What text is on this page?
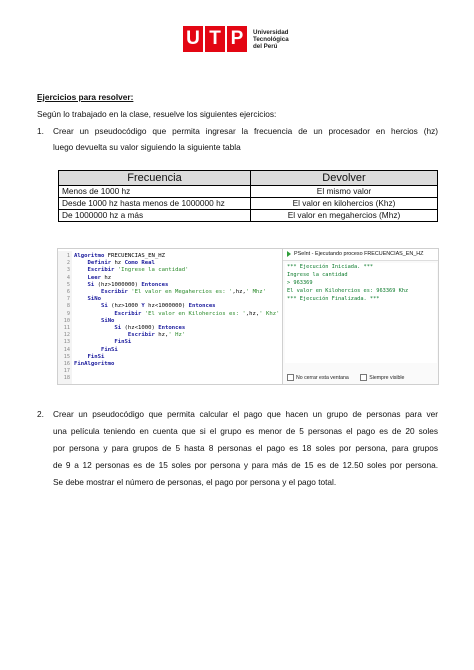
U T P	Universidad
Tecnológica
del Perú
Ejercicios para resolver:
Según lo trabajado en la clase, resuelve los siguientes ejercicios:
1. Crear un pseudocódigo que permita ingresar la frecuencia de un procesador en hercios (hz)
luego devuelta su valor siguiendo la siguiente tabla
Frecuencia	Devolver
Menos de 1000 hz	El mismo valor
Desde 1000 hz hasta menos de 1000000 hz	El valor en kilohercios (Khz)
De 1000000 hz a más	El valor en megahercios (Mhz)
1 Algoritmo FRECUENCIAS_EN_HZ
2	Definir hz Como Real
3	Escribir 'Ingrese la cantidad'
4	Leer hz
5	Si (hz>1000000) Entonces
6	Escribir 'El valor en Megahercios es: ',hz,' Mhz'
7	SiNo
8	Si (hz>1000 Y hz<1000000) Entonces
9	Escribir 'El valor en Kilohercios es: ',hz,' Khz'
10	SiNo
11	Si (hz<1000) Entonces
12	Escribir hz,' Hz'
13	FinSi
14	FinSi
15	FinSi
16 FinAlgoritmo
17
18
PSeInt - Ejecutando proceso FRECUENCIAS_EN_HZ
*** Ejecución Iniciada. ***
Ingrese la cantidad
> 963369
El valor en Kilohercios es: 963369 Khz
*** Ejecución Finalizada. ***
No cerrar esta ventana	Siempre visible
2. Crear un pseudocódigo que permita calcular el pago que hacen un grupo de personas para ver
una película teniendo en cuenta que si el grupo es menor de 5 personas el pago es de 20 soles
por persona y para grupos de 5 hasta 8 personas el pago es 18 soles por persona, para grupos
de 9 a 12 personas es de 15 soles por persona y para más de 15 es de 12.50 soles por persona.
Se debe mostrar el número de personas, el pago por persona y el pago total.
